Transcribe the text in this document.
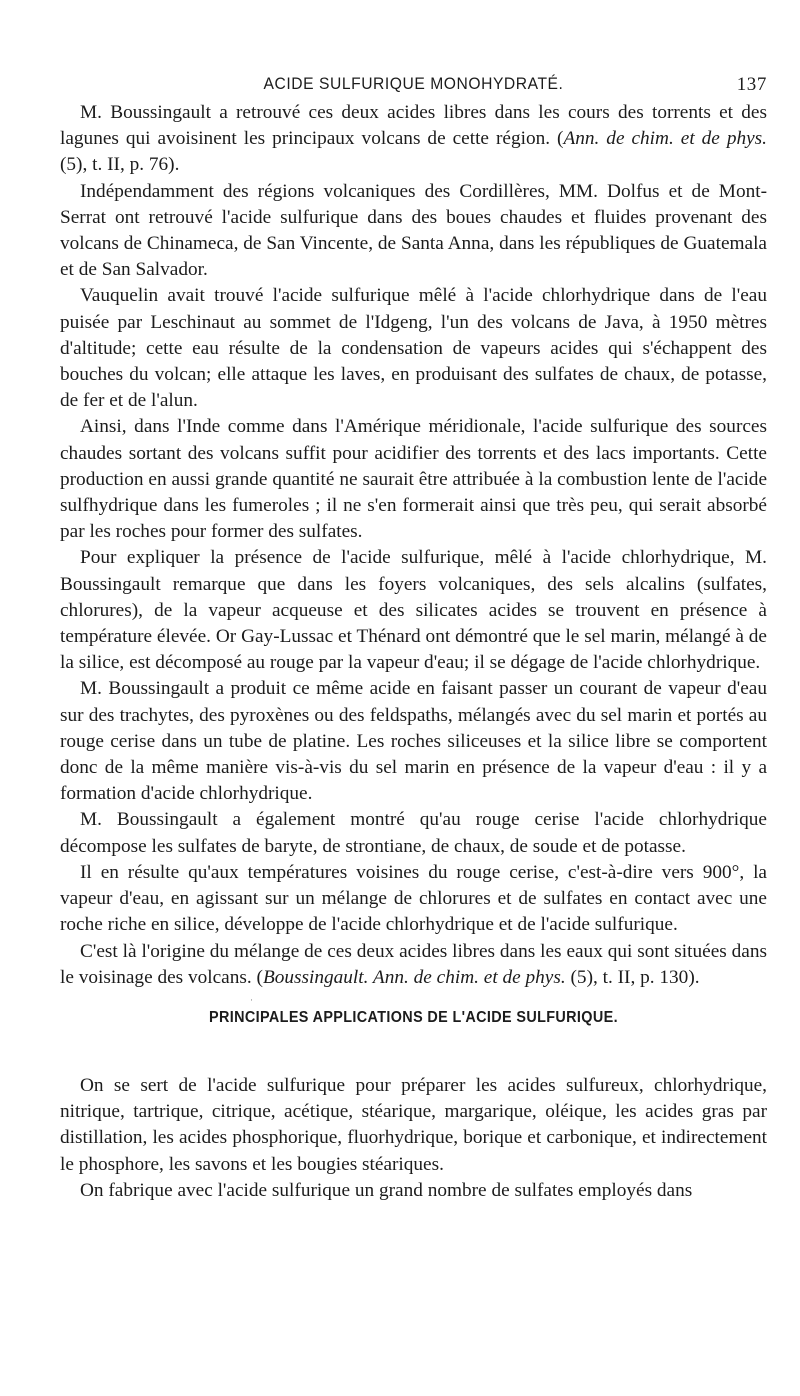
ACIDE SULFURIQUE MONOHYDRATÉ.	137

M. Boussingault a retrouvé ces deux acides libres dans les cours des torrents et des lagunes qui avoisinent les principaux volcans de cette région. (Ann. de chim. et de phys. (5), t. II, p. 76).

Indépendamment des régions volcaniques des Cordillères, MM. Dolfus et de Mont-Serrat ont retrouvé l'acide sulfurique dans des boues chaudes et fluides provenant des volcans de Chinameca, de San Vincente, de Santa Anna, dans les républiques de Guatemala et de San Salvador.

Vauquelin avait trouvé l'acide sulfurique mêlé à l'acide chlorhydrique dans de l'eau puisée par Leschinaut au sommet de l'Idgeng, l'un des volcans de Java, à 1950 mètres d'altitude; cette eau résulte de la condensation de vapeurs acides qui s'échappent des bouches du volcan; elle attaque les laves, en produisant des sulfates de chaux, de potasse, de fer et de l'alun.

Ainsi, dans l'Inde comme dans l'Amérique méridionale, l'acide sulfurique des sources chaudes sortant des volcans suffit pour acidifier des torrents et des lacs importants. Cette production en aussi grande quantité ne saurait être attribuée à la combustion lente de l'acide sulfhydrique dans les fumeroles ; il ne s'en formerait ainsi que très peu, qui serait absorbé par les roches pour former des sulfates.

Pour expliquer la présence de l'acide sulfurique, mêlé à l'acide chlorhydrique, M. Boussingault remarque que dans les foyers volcaniques, des sels alcalins (sulfates, chlorures), de la vapeur acqueuse et des silicates acides se trouvent en présence à température élevée. Or Gay-Lussac et Thénard ont démontré que le sel marin, mélangé à de la silice, est décomposé au rouge par la vapeur d'eau; il se dégage de l'acide chlorhydrique.

M. Boussingault a produit ce même acide en faisant passer un courant de vapeur d'eau sur des trachytes, des pyroxènes ou des feldspaths, mélangés avec du sel marin et portés au rouge cerise dans un tube de platine. Les roches siliceuses et la silice libre se comportent donc de la même manière vis-à-vis du sel marin en présence de la vapeur d'eau : il y a formation d'acide chlorhydrique.

M. Boussingault a également montré qu'au rouge cerise l'acide chlorhydrique décompose les sulfates de baryte, de strontiane, de chaux, de soude et de potasse.

Il en résulte qu'aux températures voisines du rouge cerise, c'est-à-dire vers 900°, la vapeur d'eau, en agissant sur un mélange de chlorures et de sulfates en contact avec une roche riche en silice, développe de l'acide chlorhydrique et de l'acide sulfurique.

C'est là l'origine du mélange de ces deux acides libres dans les eaux qui sont situées dans le voisinage des volcans. (Boussingault. Ann. de chim. et de phys. (5), t. II, p. 130).

·
PRINCIPALES APPLICATIONS DE L'ACIDE SULFURIQUE.

On se sert de l'acide sulfurique pour préparer les acides sulfureux, chlorhydrique, nitrique, tartrique, citrique, acétique, stéarique, margarique, oléique, les acides gras par distillation, les acides phosphorique, fluorhydrique, borique et carbonique, et indirectement le phosphore, les savons et les bougies stéariques.

On fabrique avec l'acide sulfurique un grand nombre de sulfates employés dans
